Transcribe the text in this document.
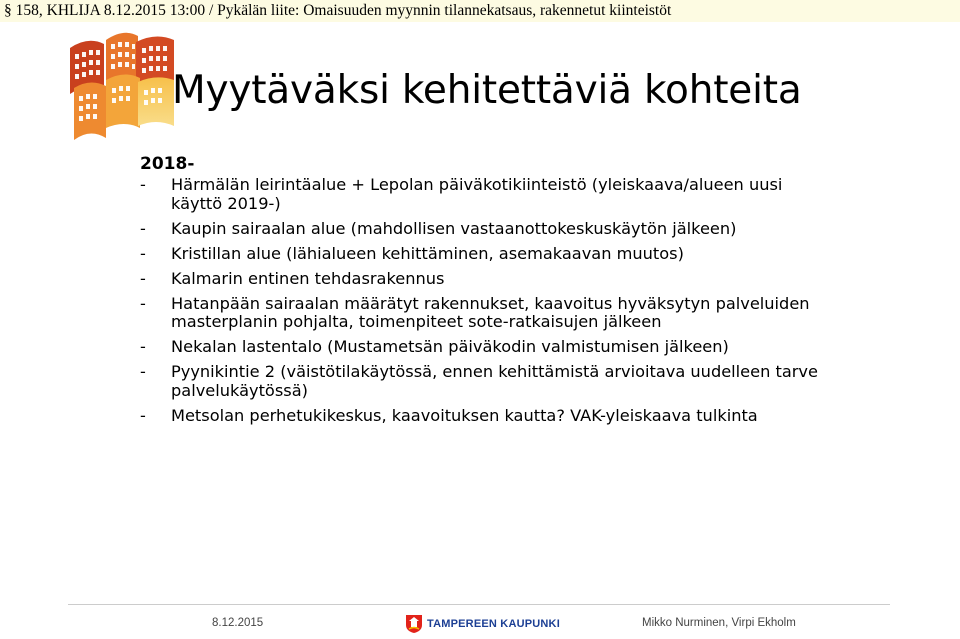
§ 158, KHLIJA 8.12.2015 13:00 / Pykälän liite: Omaisuuden myynnin tilannekatsaus, rakennetut kiinteistöt
Myytäväksi kehitettäviä kohteita
2018-
- Härmälän leirintäalue + Lepolan päiväkotikiinteistö (yleiskaava/alueen uusi käyttö 2019-)
- Kaupin sairaalan alue (mahdollisen vastaanottokeskuskäytön jälkeen)
- Kristillan alue (lähialueen kehittäminen, asemakaavan muutos)
- Kalmarin entinen tehdasrakennus
- Hatanpään sairaalan määrätyt rakennukset, kaavoitus hyväksytyn palveluiden masterplanin pohjalta, toimenpiteet sote-ratkaisujen jälkeen
- Nekalan lastentalo (Mustametsän päiväkodin valmistumisen jälkeen)
- Pyynikintie 2 (väistötilakäytössä, ennen kehittämistä arvioitava uudelleen tarve palvelukäytössä)
- Metsolan perhetukikeskus, kaavoituksen kautta? VAK-yleiskaava tulkinta
8.12.2015	TAMPEREEN KAUPUNKI	Mikko Nurminen, Virpi Ekholm
